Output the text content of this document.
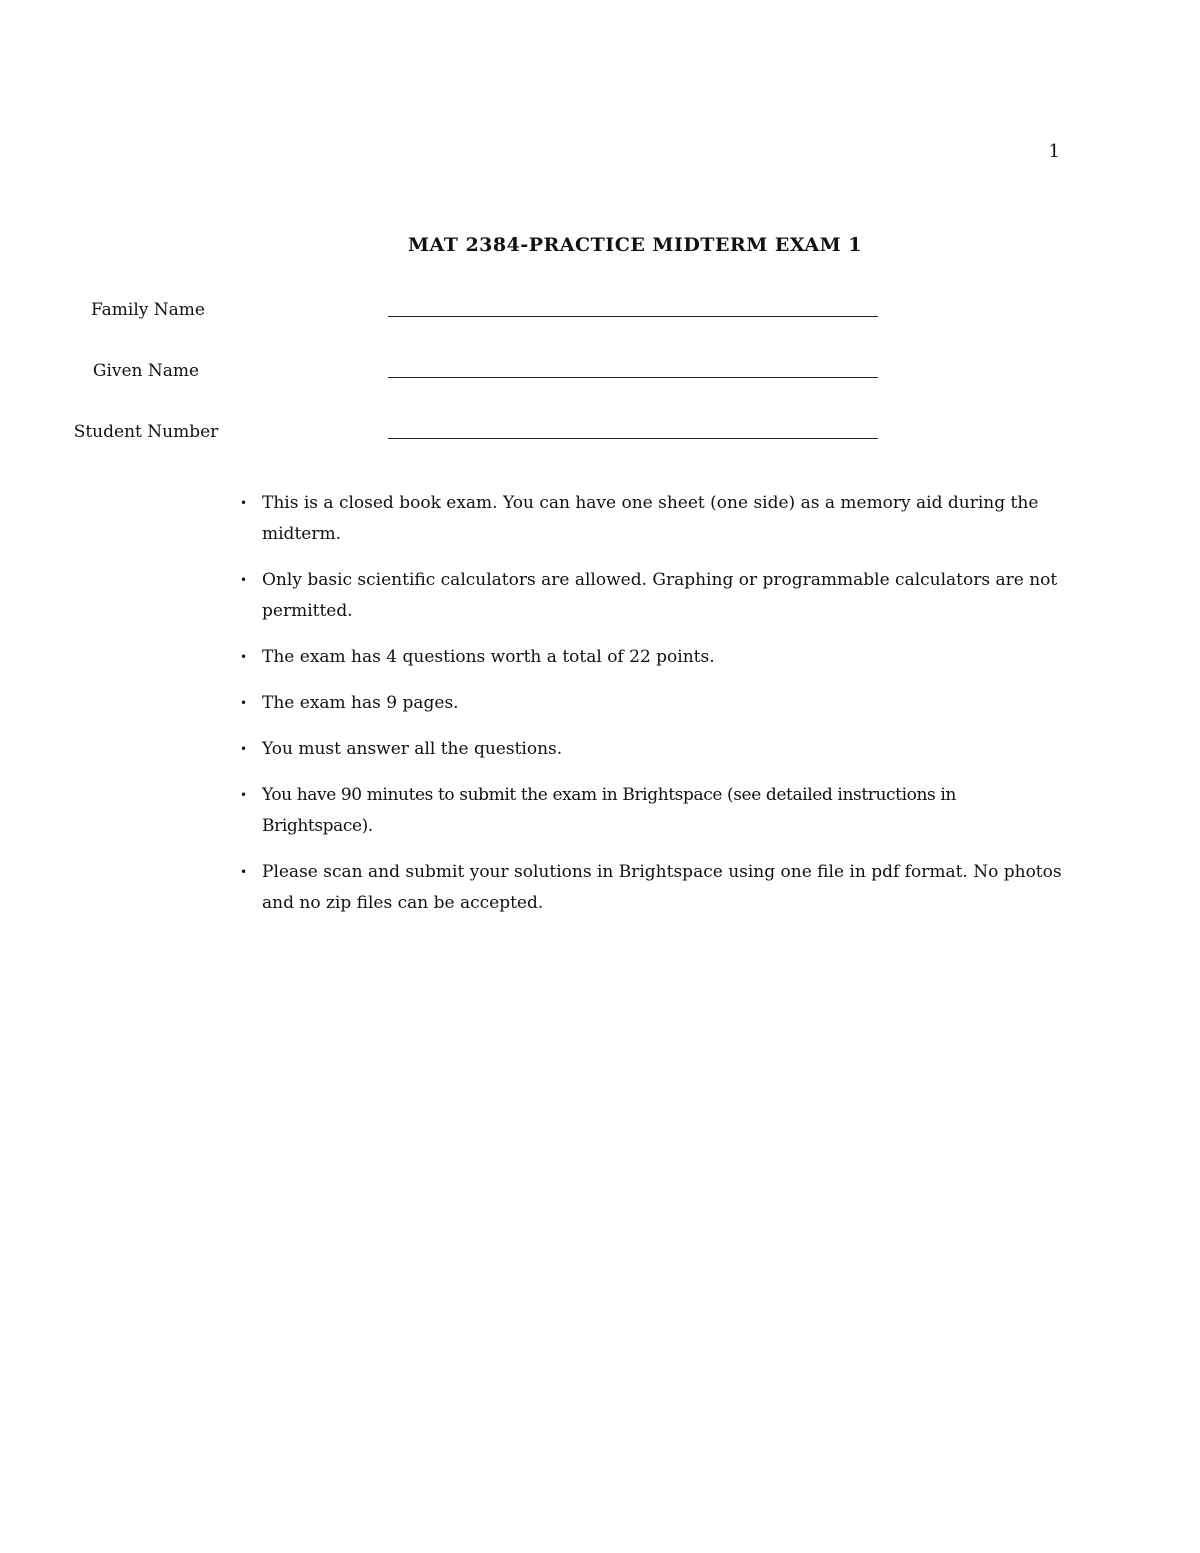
1
MAT 2384-PRACTICE MIDTERM EXAM 1
Family Name
Given Name
Student Number
• This is a closed book exam. You can have one sheet (one side) as a memory aid during the midterm.
• Only basic scientific calculators are allowed. Graphing or programmable calculators are not permitted.
• The exam has 4 questions worth a total of 22 points.
• The exam has 9 pages.
• You must answer all the questions.
• You have 90 minutes to submit the exam in Brightspace (see detailed instructions in Brightspace).
• Please scan and submit your solutions in Brightspace using one file in pdf format. No photos and no zip files can be accepted.
